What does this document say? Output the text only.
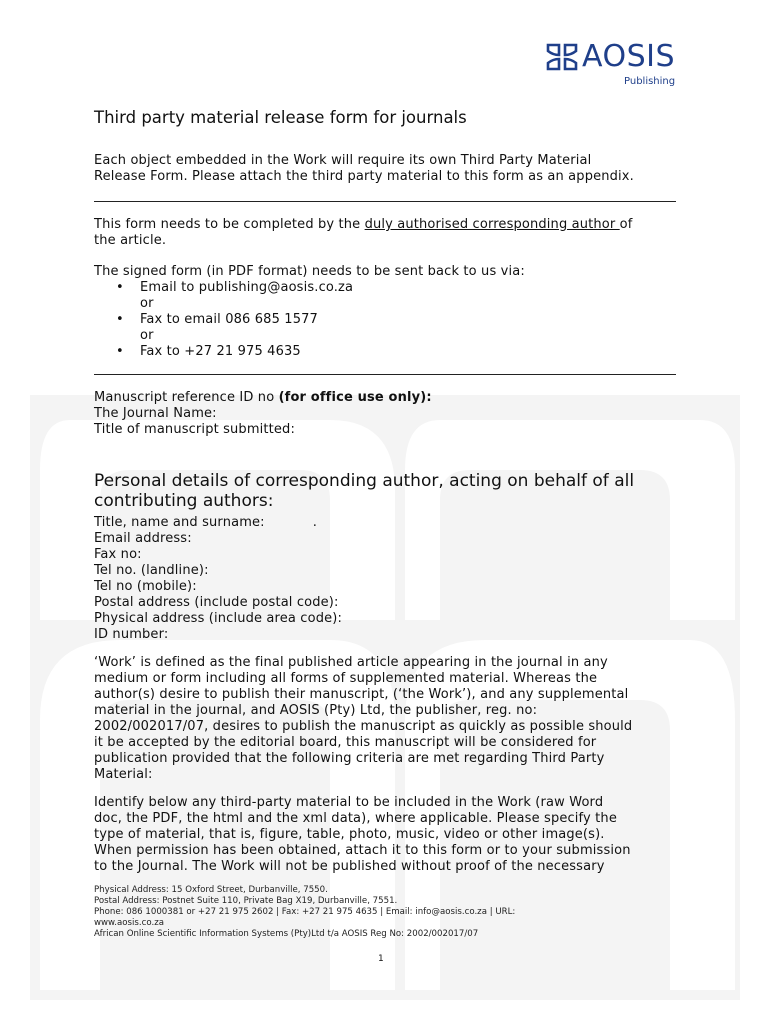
AOSIS
Publishing
Third party material release form for journals
Each object embedded in the Work will require its own Third Party Material
Release Form. Please attach the third party material to this form as an appendix.
This form needs to be completed by the duly authorised corresponding author of
the article.
The signed form (in PDF format) needs to be sent back to us via:
• Email to publishing@aosis.co.za
or
• Fax to email 086 685 1577
or
• Fax to +27 21 975 4635
Manuscript reference ID no (for office use only):
The Journal Name:
Title of manuscript submitted:
Personal details of corresponding author, acting on behalf of all
contributing authors:
Title, name and surname:	.
Email address:
Fax no:
Tel no. (landline):
Tel no (mobile):
Postal address (include postal code):
Physical address (include area code):
ID number:
‘Work’ is defined as the final published article appearing in the journal in any
medium or form including all forms of supplemented material. Whereas the
author(s) desire to publish their manuscript, (‘the Work’), and any supplemental
material in the journal, and AOSIS (Pty) Ltd, the publisher, reg. no:
2002/002017/07, desires to publish the manuscript as quickly as possible should
it be accepted by the editorial board, this manuscript will be considered for
publication provided that the following criteria are met regarding Third Party
Material:
Identify below any third-party material to be included in the Work (raw Word
doc, the PDF, the html and the xml data), where applicable. Please specify the
type of material, that is, figure, table, photo, music, video or other image(s).
When permission has been obtained, attach it to this form or to your submission
to the Journal. The Work will not be published without proof of the necessary
Physical Address: 15 Oxford Street, Durbanville, 7550.
Postal Address: Postnet Suite 110, Private Bag X19, Durbanville, 7551.
Phone: 086 1000381 or +27 21 975 2602 | Fax: +27 21 975 4635 | Email: info@aosis.co.za | URL:
www.aosis.co.za
African Online Scientific Information Systems (Pty)Ltd t/a AOSIS Reg No: 2002/002017/07
1
